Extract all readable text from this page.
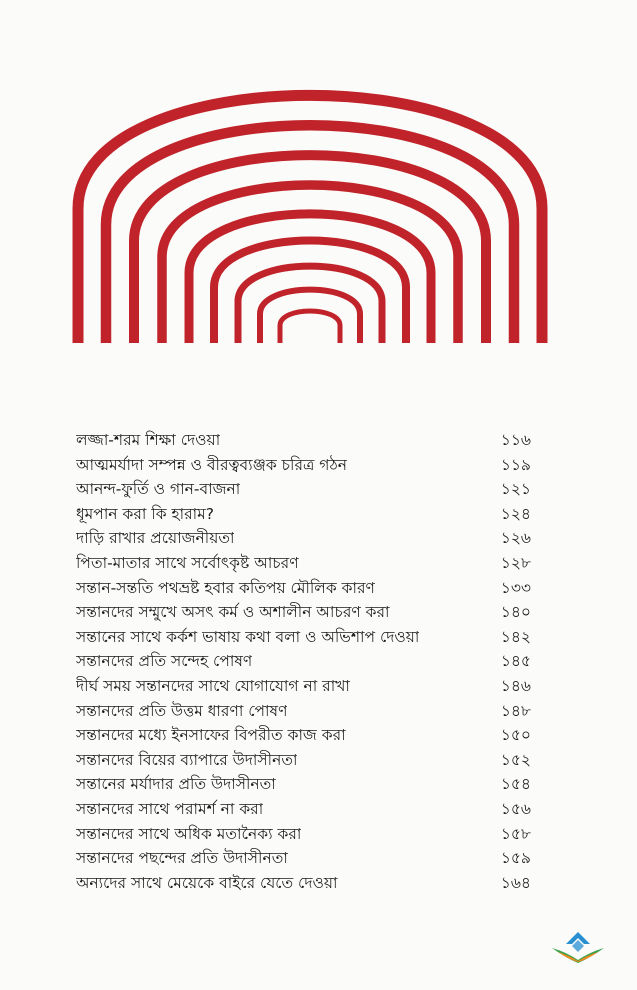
লজ্জা-শরম শিক্ষা দেওয়া	১১৬
আত্মমর্যাদা সম্পন্ন ও বীরত্বব্যঞ্জক চরিত্র গঠন	১১৯
আনন্দ-ফুর্তি ও গান-বাজনা	১২১
ধূমপান করা কি হারাম?	১২৪
দাড়ি রাখার প্রয়োজনীয়তা	১২৬
পিতা-মাতার সাথে সর্বোৎকৃষ্ট আচরণ	১২৮
সন্তান-সন্ততি পথভ্রষ্ট হবার কতিপয় মৌলিক কারণ	১৩৩
সন্তানদের সম্মুখে অসৎ কর্ম ও অশালীন আচরণ করা	১৪০
সন্তানের সাথে কর্কশ ভাষায় কথা বলা ও অভিশাপ দেওয়া	১৪২
সন্তানদের প্রতি সন্দেহ পোষণ	১৪৫
দীর্ঘ সময় সন্তানদের সাথে যোগাযোগ না রাখা	১৪৬
সন্তানদের প্রতি উত্তম ধারণা পোষণ	১৪৮
সন্তানদের মধ্যে ইনসাফের বিপরীত কাজ করা	১৫০
সন্তানদের বিয়ের ব্যাপারে উদাসীনতা	১৫২
সন্তানের মর্যাদার প্রতি উদাসীনতা	১৫৪
সন্তানদের সাথে পরামর্শ না করা	১৫৬
সন্তানদের সাথে অধিক মতানৈক্য করা	১৫৮
সন্তানদের পছন্দের প্রতি উদাসীনতা	১৫৯
অন্যদের সাথে মেয়েকে বাইরে যেতে দেওয়া	১৬৪
